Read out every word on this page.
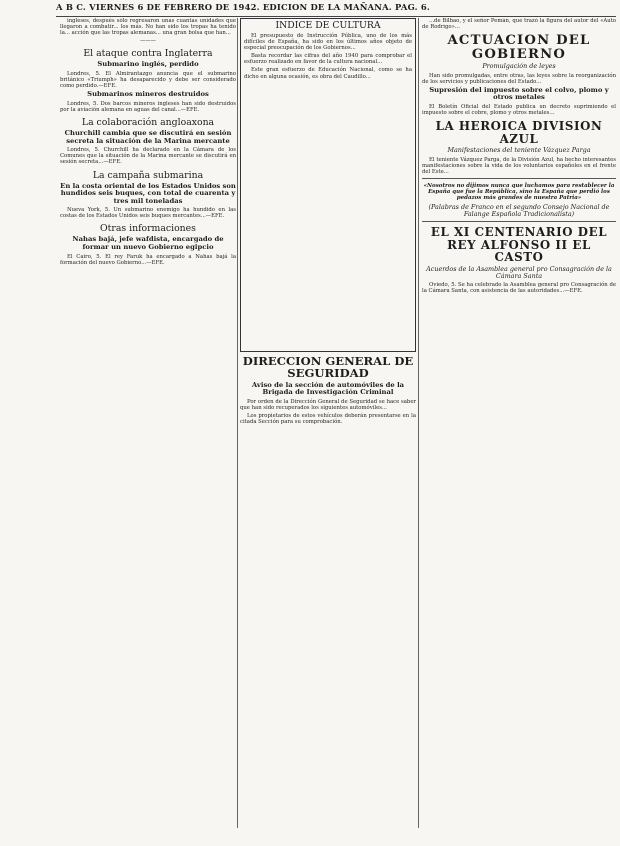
A B C. VIERNES 6 DE FEBRERO DE 1942. EDICION DE LA MAÑANA. PAG. 6.

ingleses, después sólo regresaron unas cuantas unidades que llegaron a combatir... los más. No han sido los tropas ha tenido la... acción que las tropas alemanas... una gran bolsa que han...

———
El ataque contra Inglaterra
Submarino inglés, perdido

Londres, 5. El Almirantazgo anuncia que el submarino británico «Triumph» ha desaparecido y debe ser considerado como perdido.—EFE.

Submarinos mineros destruidos

Londres, 5. Dos barcos mineros ingleses han sido destruidos por la aviación alemana en aguas del canal...—EFE.

La colaboración angloaxona
Churchill cambia que se discutirá en sesión secreta la situación de la Marina mercante

Londres, 5. Churchill ha declarado en la Cámara de los Comunes que la situación de la Marina mercante se discutirá en sesión secreta...—EFE.

La campaña submarina
En la costa oriental de los Estados Unidos son hundidos seis buques, con total de cuarenta y tres mil toneladas

Nueva York, 5. Un submarino enemigo ha hundido en las costas de los Estados Unidos seis buques mercantes...—EFE.

Otras informaciones
Nahas bajá, jefe wafdista, encargado de formar un nuevo Gobierno egipcio

El Cairo, 5. El rey Faruk ha encargado a Nahas bajá la formación del nuevo Gobierno...—EFE.

INDICE DE CULTURA

El presupuesto de Instrucción Pública, uno de los más difíciles de España, ha sido en los últimos años objeto de especial preocupación de los Gobiernos...

Basta recordar las cifras del año 1940 para comprobar el esfuerzo realizado en favor de la cultura nacional...

Este gran esfuerzo de Educación Nacional, como se ha dicho en alguna ocasión, es obra del Caudillo...

DIRECCION GENERAL DE SEGURIDAD
Aviso de la sección de automóviles de la Brigada de Investigación Criminal

Por orden de la Dirección General de Seguridad se hace saber que han sido recuperados los siguientes automóviles...

Los propietarios de estos vehículos deberán presentarse en la citada Sección para su comprobación.

...de Bilbao, y el señor Pemán, que trazó la figura del autor del «Auto de Rodrigo»...

ACTUACION DEL GOBIERNO
Promulgación de leyes

Han sido promulgadas, entre otras, las leyes sobre la reorganización de los servicios y publicaciones del Estado...

Supresión del impuesto sobre el colvo, plomo y otros metales

El Boletín Oficial del Estado publica un decreto suprimiendo el impuesto sobre el cobre, plomo y otros metales...

LA HEROICA DIVISION AZUL
Manifestaciones del teniente Vázquez Parga

El teniente Vázquez Parga, de la División Azul, ha hecho interesantes manifestaciones sobre la vida de los voluntarios españoles en el frente del Este...

«Nosotros no dijimos nunca que luchamos para restablecer la España que fue la República, sino la España que perdió los pedazos más grandes de nuestra Patria»
(Palabras de Franco en el segundo Consejo Nacional de Falange Española Tradicionalista)
EL XI CENTENARIO DEL REY ALFONSO II EL CASTO
Acuerdos de la Asamblea general pro Consagración de la Cámara Santa

Oviedo, 5. Se ha celebrado la Asamblea general pro Consagración de la Cámara Santa, con asistencia de las autoridades...—EFE.
